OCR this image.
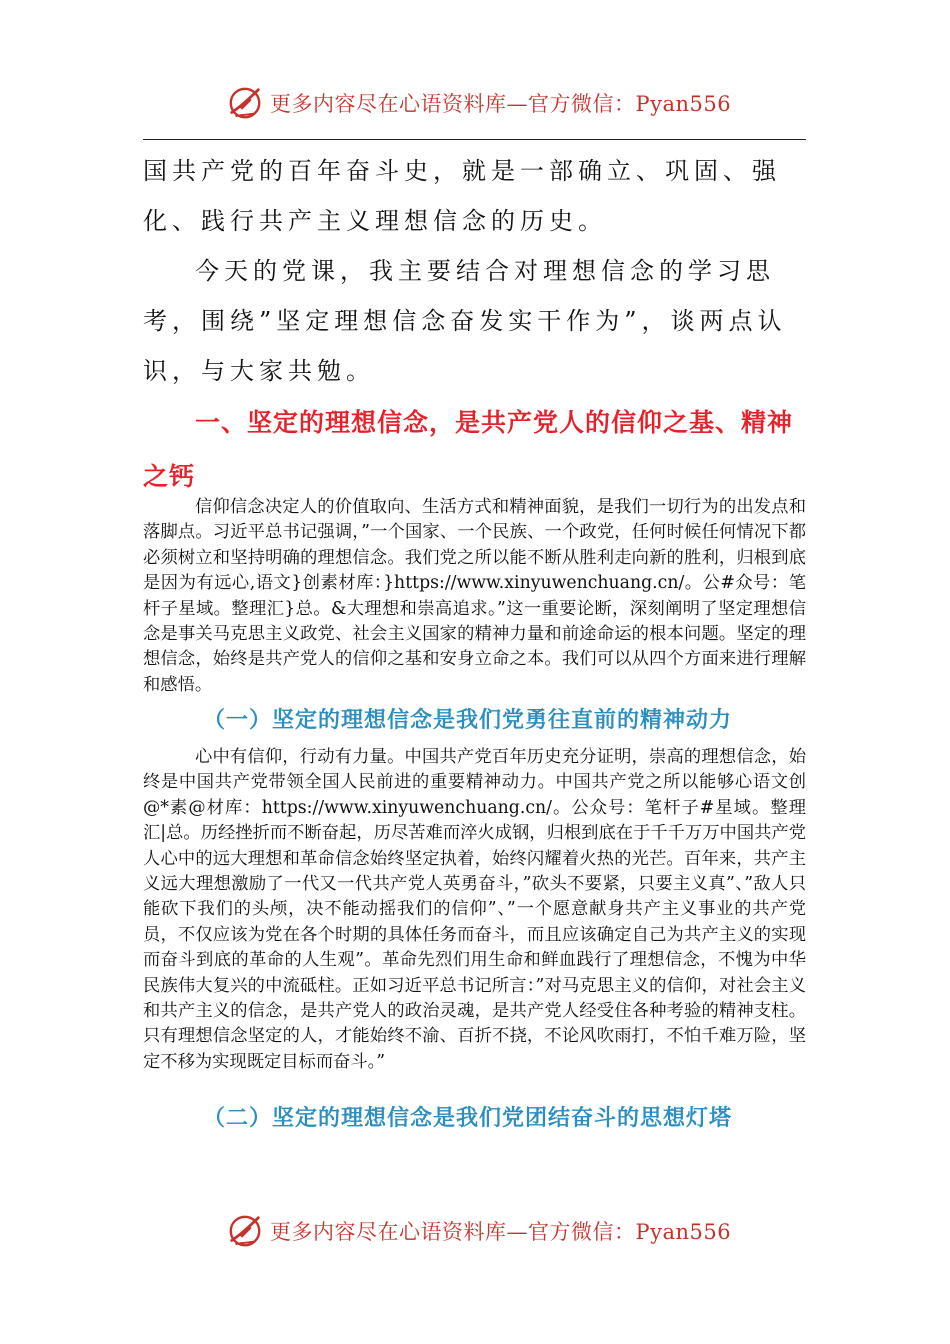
更多内容尽在心语资料库—官方微信：Pyan556

国共产党的百年奋斗史，就是一部确立、巩固、强化、践行共产主义理想信念的历史。

今天的党课，我主要结合对理想信念的学习思考，围绕”坚定理想信念奋发实干作为”，谈两点认识，与大家共勉。

一、坚定的理想信念，是共产党人的信仰之基、精神之钙

信仰信念决定人的价值取向、生活方式和精神面貌，是我们一切行为的出发点和落脚点。习近平总书记强调，”一个国家、一个民族、一个政党，任何时候任何情况下都必须树立和坚持明确的理想信念。我们党之所以能不断从胜利走向新的胜利，归根到底是因为有远心,语文}创素材库：}https://www.xinyuwenchuang.cn/。公#众号：笔杆子星域。整理汇}总。&大理想和崇高追求。”这一重要论断，深刻阐明了坚定理想信念是事关马克思主义政党、社会主义国家的精神力量和前途命运的根本问题。坚定的理想信念，始终是共产党人的信仰之基和安身立命之本。我们可以从四个方面来进行理解和感悟。

（一）坚定的理想信念是我们党勇往直前的精神动力

心中有信仰，行动有力量。中国共产党百年历史充分证明，崇高的理想信念，始终是中国共产党带领全国人民前进的重要精神动力。中国共产党之所以能够心语文创@*素@材库：https://www.xinyuwenchuang.cn/。公众号：笔杆子#星域。整理汇|总。历经挫折而不断奋起，历尽苦难而淬火成钢，归根到底在于千千万万中国共产党人心中的远大理想和革命信念始终坚定执着，始终闪耀着火热的光芒。百年来，共产主义远大理想激励了一代又一代共产党人英勇奋斗，”砍头不要紧，只要主义真”、”敌人只能砍下我们的头颅，决不能动摇我们的信仰”、”一个愿意献身共产主义事业的共产党员，不仅应该为党在各个时期的具体任务而奋斗，而且应该确定自己为共产主义的实现而奋斗到底的革命的人生观”。革命先烈们用生命和鲜血践行了理想信念，不愧为中华民族伟大复兴的中流砥柱。正如习近平总书记所言：”对马克思主义的信仰，对社会主义和共产主义的信念，是共产党人的政治灵魂，是共产党人经受住各种考验的精神支柱。只有理想信念坚定的人，才能始终不渝、百折不挠，不论风吹雨打，不怕千难万险，坚定不移为实现既定目标而奋斗。”

（二）坚定的理想信念是我们党团结奋斗的思想灯塔
更多内容尽在心语资料库—官方微信：Pyan556
